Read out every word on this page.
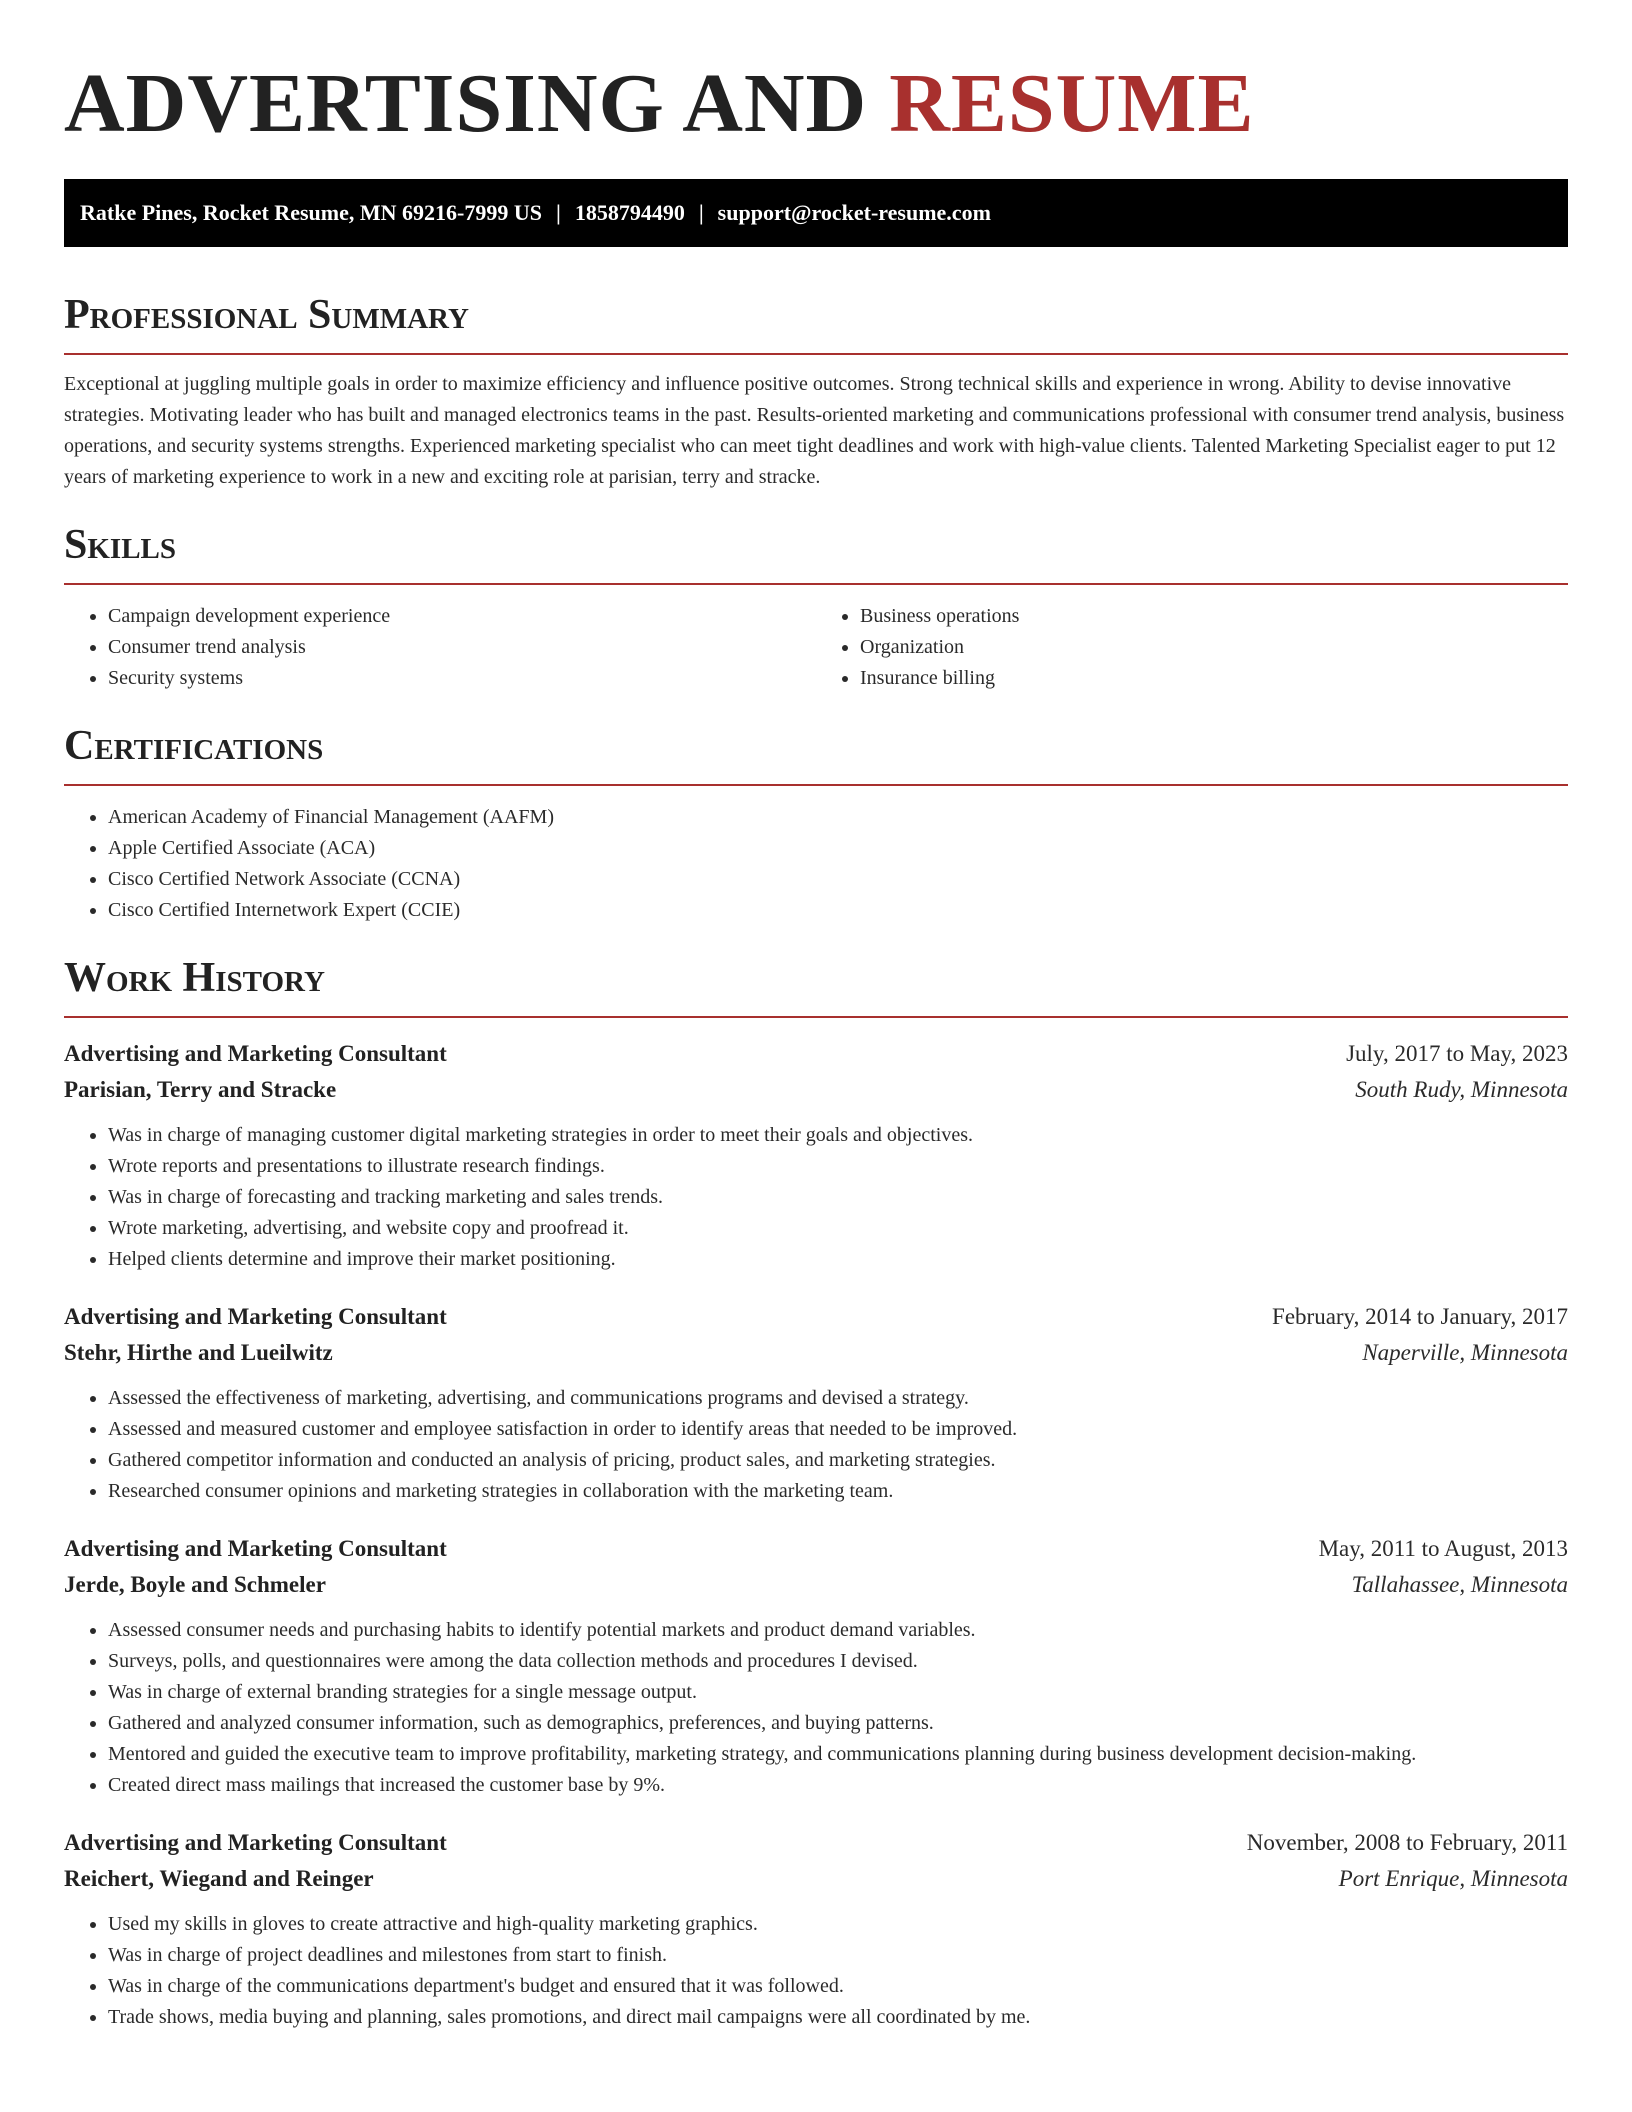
ADVERTISING AND RESUME
Ratke Pines, Rocket Resume, MN 69216-7999 US | 1858794490 | support@rocket-resume.com
Professional Summary

Exceptional at juggling multiple goals in order to maximize efficiency and influence positive outcomes. Strong technical skills and experience in wrong. Ability to devise innovative strategies. Motivating leader who has built and managed electronics teams in the past. Results-oriented marketing and communications professional with consumer trend analysis, business operations, and security systems strengths. Experienced marketing specialist who can meet tight deadlines and work with high-value clients. Talented Marketing Specialist eager to put 12 years of marketing experience to work in a new and exciting role at parisian, terry and stracke.

Skills
• Campaign development experience
• Consumer trend analysis
• Security systems
• Business operations
• Organization
• Insurance billing
Certifications
• American Academy of Financial Management (AAFM)
• Apple Certified Associate (ACA)
• Cisco Certified Network Associate (CCNA)
• Cisco Certified Internetwork Expert (CCIE)
Work History
Advertising and Marketing Consultant	July, 2017 to May, 2023
Parisian, Terry and Stracke	South Rudy, Minnesota
• Was in charge of managing customer digital marketing strategies in order to meet their goals and objectives.
• Wrote reports and presentations to illustrate research findings.
• Was in charge of forecasting and tracking marketing and sales trends.
• Wrote marketing, advertising, and website copy and proofread it.
• Helped clients determine and improve their market positioning.
Advertising and Marketing Consultant	February, 2014 to January, 2017
Stehr, Hirthe and Lueilwitz	Naperville, Minnesota
• Assessed the effectiveness of marketing, advertising, and communications programs and devised a strategy.
• Assessed and measured customer and employee satisfaction in order to identify areas that needed to be improved.
• Gathered competitor information and conducted an analysis of pricing, product sales, and marketing strategies.
• Researched consumer opinions and marketing strategies in collaboration with the marketing team.
Advertising and Marketing Consultant	May, 2011 to August, 2013
Jerde, Boyle and Schmeler	Tallahassee, Minnesota
• Assessed consumer needs and purchasing habits to identify potential markets and product demand variables.
• Surveys, polls, and questionnaires were among the data collection methods and procedures I devised.
• Was in charge of external branding strategies for a single message output.
• Gathered and analyzed consumer information, such as demographics, preferences, and buying patterns.
• Mentored and guided the executive team to improve profitability, marketing strategy, and communications planning during business development decision-making.
• Created direct mass mailings that increased the customer base by 9%.
Advertising and Marketing Consultant	November, 2008 to February, 2011
Reichert, Wiegand and Reinger	Port Enrique, Minnesota
• Used my skills in gloves to create attractive and high-quality marketing graphics.
• Was in charge of project deadlines and milestones from start to finish.
• Was in charge of the communications department's budget and ensured that it was followed.
• Trade shows, media buying and planning, sales promotions, and direct mail campaigns were all coordinated by me.
